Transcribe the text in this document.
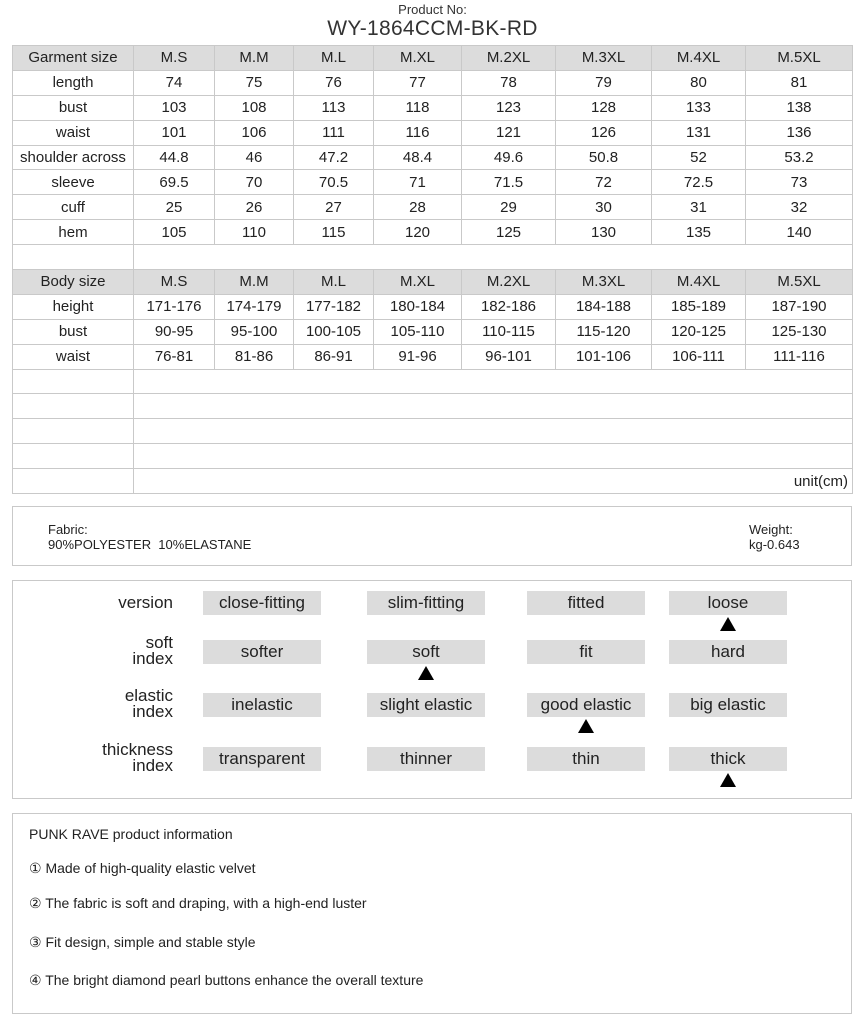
Product No:
WY-1864CCM-BK-RD
Garment size	M.S	M.M	M.L	M.XL	M.2XL	M.3XL	M.4XL	M.5XL
length	74	75	76	77	78	79	80	81
bust	103	108	113	118	123	128	133	138
waist	101	106	111	116	121	126	131	136
shoulder across	44.8	46	47.2	48.4	49.6	50.8	52	53.2
sleeve	69.5	70	70.5	71	71.5	72	72.5	73
cuff	25	26	27	28	29	30	31	32
hem	105	110	115	120	125	130	135	140

Body size	M.S	M.M	M.L	M.XL	M.2XL	M.3XL	M.4XL	M.5XL
height	171-176	174-179	177-182	180-184	182-186	184-188	185-189	187-190
bust	90-95	95-100	100-105	105-110	110-115	115-120	120-125	125-130
waist	76-81	81-86	86-91	91-96	96-101	101-106	106-111	111-116

	unit(cm)							
Fabric:
90%POLYESTER  10%ELASTANE
Weight:
kg-0.643
version	close-fitting	slim-fitting	fitted	loose
soft
index	softer	soft	fit	hard
elastic
index	inelastic	slight elastic	good elastic	big elastic
thickness
index	transparent	thinner	thin	thick
PUNK RAVE product information
① Made of high-quality elastic velvet
② The fabric is soft and draping, with a high-end luster
③ Fit design, simple and stable style
④ The bright diamond pearl buttons enhance the overall texture
